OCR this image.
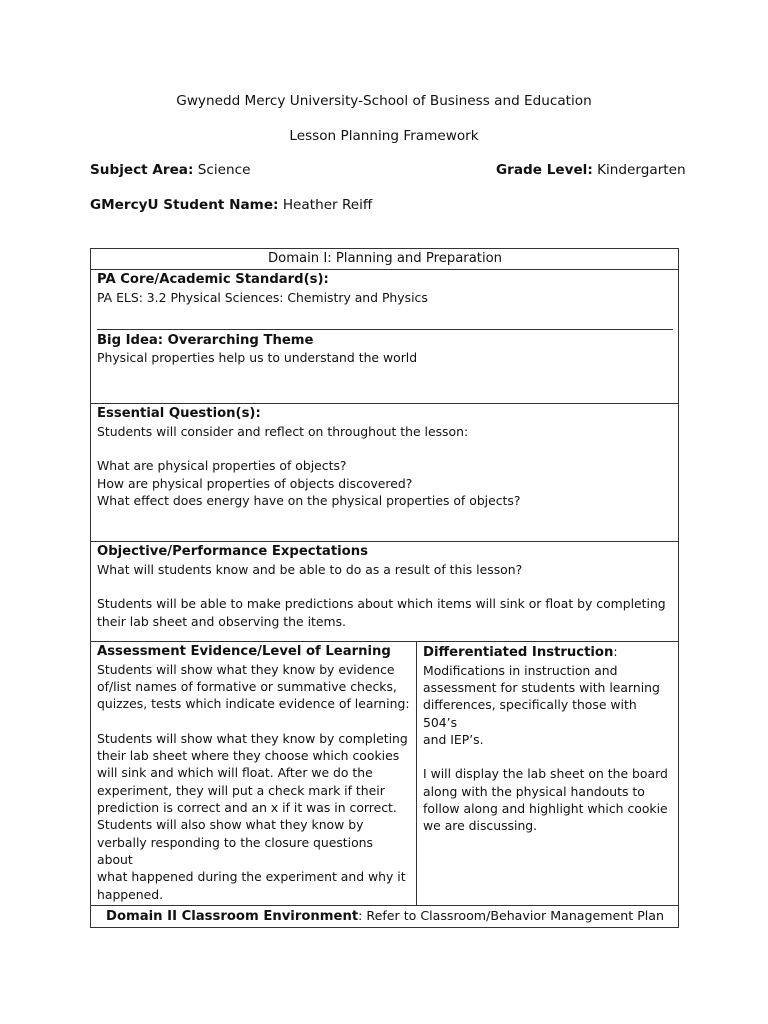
Gwynedd Mercy University-School of Business and Education
Lesson Planning Framework
Subject Area: Science	Grade Level: Kindergarten
GMercyU Student Name: Heather Reiff
Domain I: Planning and Preparation

PA Core/Academic Standard(s):
PA ELS: 3.2 Physical Sciences: Chemistry and Physics
Big Idea: Overarching Theme
Physical properties help us to understand the world

Essential Question(s):
Students will consider and reflect on throughout the lesson:
What are physical properties of objects?
How are physical properties of objects discovered?
What effect does energy have on the physical properties of objects?

Objective/Performance Expectations
What will students know and be able to do as a result of this lesson?
Students will be able to make predictions about which items will sink or float by completing
their lab sheet and observing the items.

Assessment Evidence/Level of Learning
Students will show what they know by evidence
of/list names of formative or summative checks,
quizzes, tests which indicate evidence of learning:
Students will show what they know by completing
their lab sheet where they choose which cookies
will sink and which will float. After we do the
experiment, they will put a check mark if their
prediction is correct and an x if it was in correct.
Students will also show what they know by
verbally responding to the closure questions about
what happened during the experiment and why it
happened.
	Differentiated Instruction:
Modifications in instruction and
assessment for students with learning
differences, specifically those with 504’s
and IEP’s.
I will display the lab sheet on the board
along with the physical handouts to
follow along and highlight which cookie
we are discussing.

Domain II Classroom Environment: Refer to Classroom/Behavior Management Plan
